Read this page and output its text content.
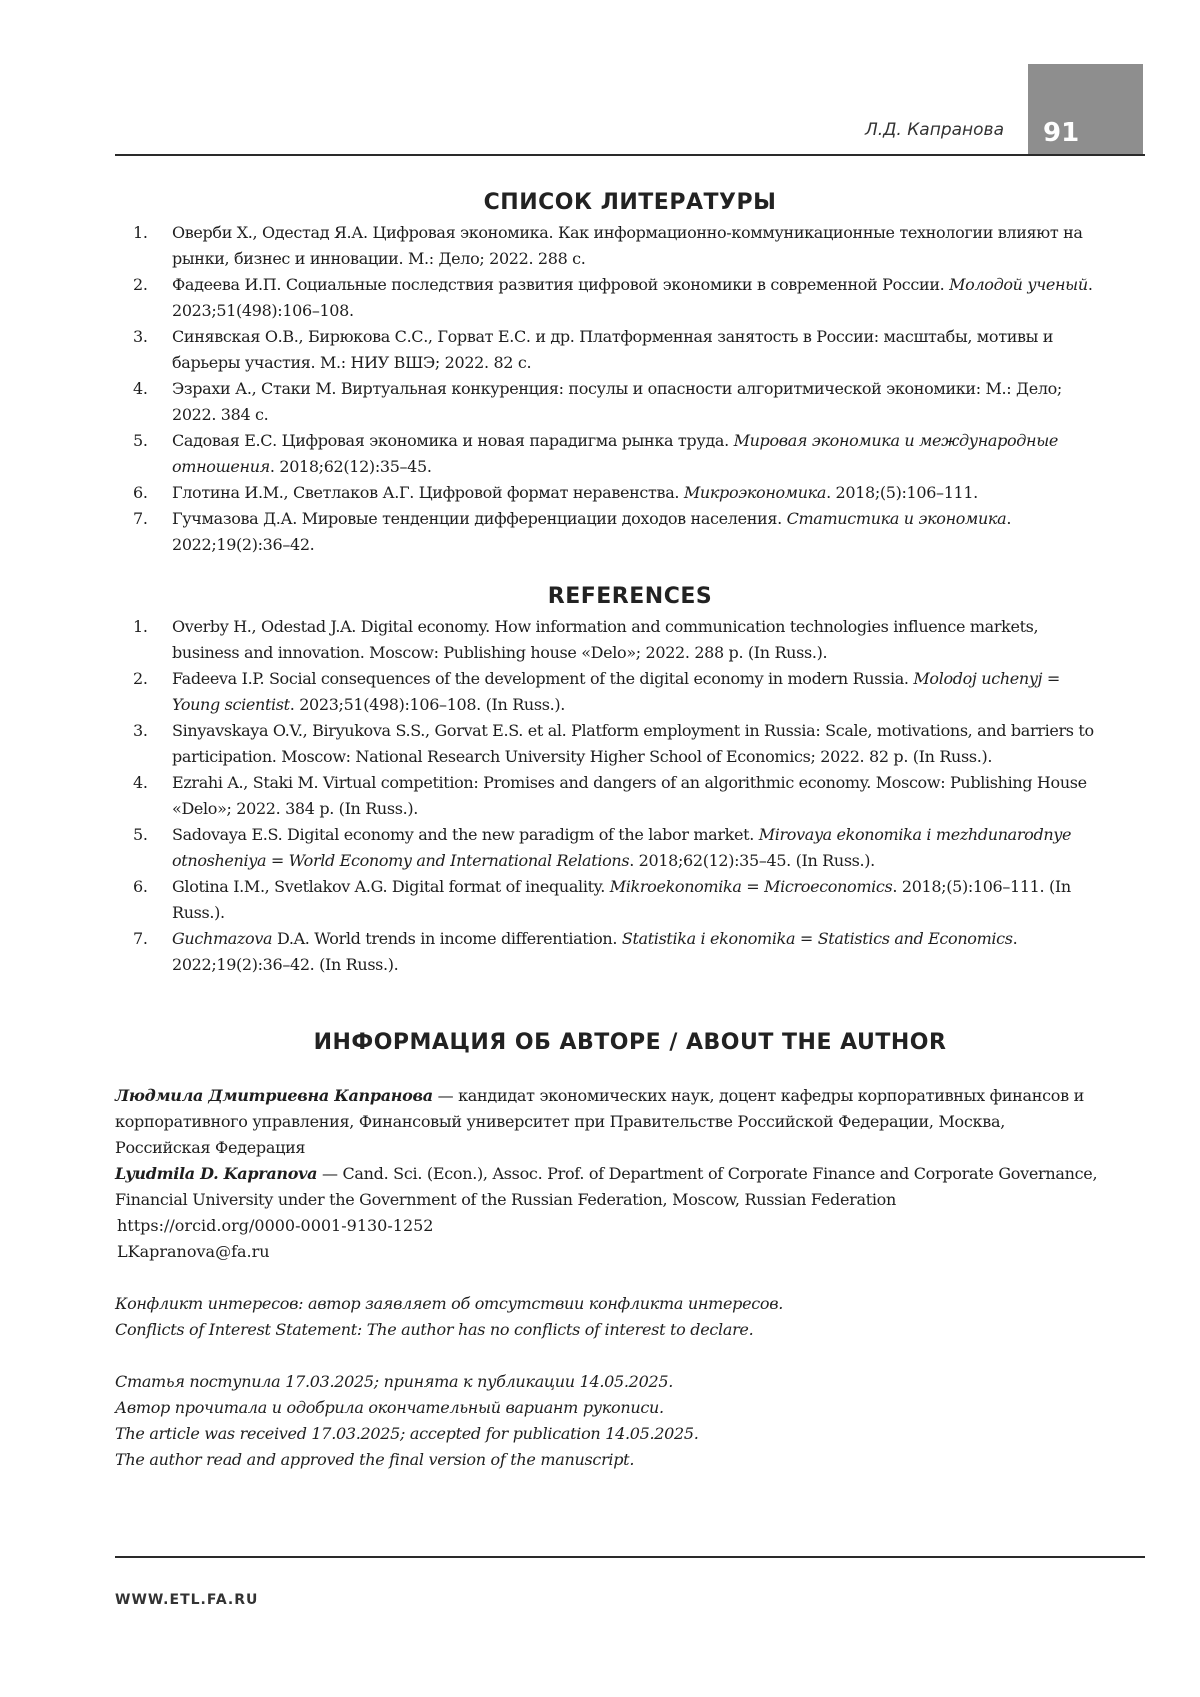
91
Л.Д. Капранова
СПИСОК ЛИТЕРАТУРЫ
1. Оверби Х., Одестад Я.А. Цифровая экономика. Как информационно-коммуникационные технологии влияют на рынки, бизнес и инновации. М.: Дело; 2022. 288 с.
2. Фадеева И.П. Социальные последствия развития цифровой экономики в современной России. Молодой ученый. 2023;51(498):106–108.
3. Синявская О.В., Бирюкова С.С., Горват Е.С. и др. Платформенная занятость в России: масштабы, мотивы и барьеры участия. М.: НИУ ВШЭ; 2022. 82 с.
4. Эзрахи А., Стаки М. Виртуальная конкуренция: посулы и опасности алгоритмической экономики: М.: Дело; 2022. 384 с.
5. Садовая Е.С. Цифровая экономика и новая парадигма рынка труда. Мировая экономика и международные отношения. 2018;62(12):35–45.
6. Глотина И.М., Светлаков А.Г. Цифровой формат неравенства. Микроэкономика. 2018;(5):106–111.
7. Гучмазова Д.А. Мировые тенденции дифференциации доходов населения. Статистика и экономика. 2022;19(2):36–42.
REFERENCES
1. Overby H., Odestad J.A. Digital economy. How information and communication technologies influence markets, business and innovation. Moscow: Publishing house «Delo»; 2022. 288 p. (In Russ.).
2. Fadeeva I.P. Social consequences of the development of the digital economy in modern Russia. Molodoj uchenyj = Young scientist. 2023;51(498):106–108. (In Russ.).
3. Sinyavskaya O.V., Biryukova S.S., Gorvat E.S. et al. Platform employment in Russia: Scale, motivations, and barriers to participation. Moscow: National Research University Higher School of Economics; 2022. 82 p. (In Russ.).
4. Ezrahi A., Staki M. Virtual competition: Promises and dangers of an algorithmic economy. Moscow: Publishing House «Delo»; 2022. 384 p. (In Russ.).
5. Sadovaya E.S. Digital economy and the new paradigm of the labor market. Mirovaya ekonomika i mezhdunarodnye otnosheniya = World Economy and International Relations. 2018;62(12):35–45. (In Russ.).
6. Glotina I.M., Svetlakov A.G. Digital format of inequality. Mikroekonomika = Microeconomics. 2018;(5):106–111. (In Russ.).
7. Guchmazova D.A. World trends in income differentiation. Statistika i ekonomika = Statistics and Economics. 2022;19(2):36–42. (In Russ.).
ИНФОРМАЦИЯ ОБ АВТОРЕ / ABOUT THE AUTHOR

Людмила Дмитриевна Капранова — кандидат экономических наук, доцент кафедры корпоративных финансов и корпоративного управления, Финансовый университет при Правительстве Российской Федерации, Москва, Российская Федерация

Lyudmila D. Kapranova — Cand. Sci. (Econ.), Assoc. Prof. of Department of Corporate Finance and Corporate Governance, Financial University under the Government of the Russian Federation, Moscow, Russian Federation

https://orcid.org/0000-0001-9130-1252
LKapranova@fa.ru
Конфликт интересов: автор заявляет об отсутствии конфликта интересов.
Conflicts of Interest Statement: The author has no conflicts of interest to declare.
Статья поступила 17.03.2025; принята к публикации 14.05.2025.
Автор прочитала и одобрила окончательный вариант рукописи.
The article was received 17.03.2025; accepted for publication 14.05.2025.
The author read and approved the final version of the manuscript.
WWW.ETL.FA.RU
